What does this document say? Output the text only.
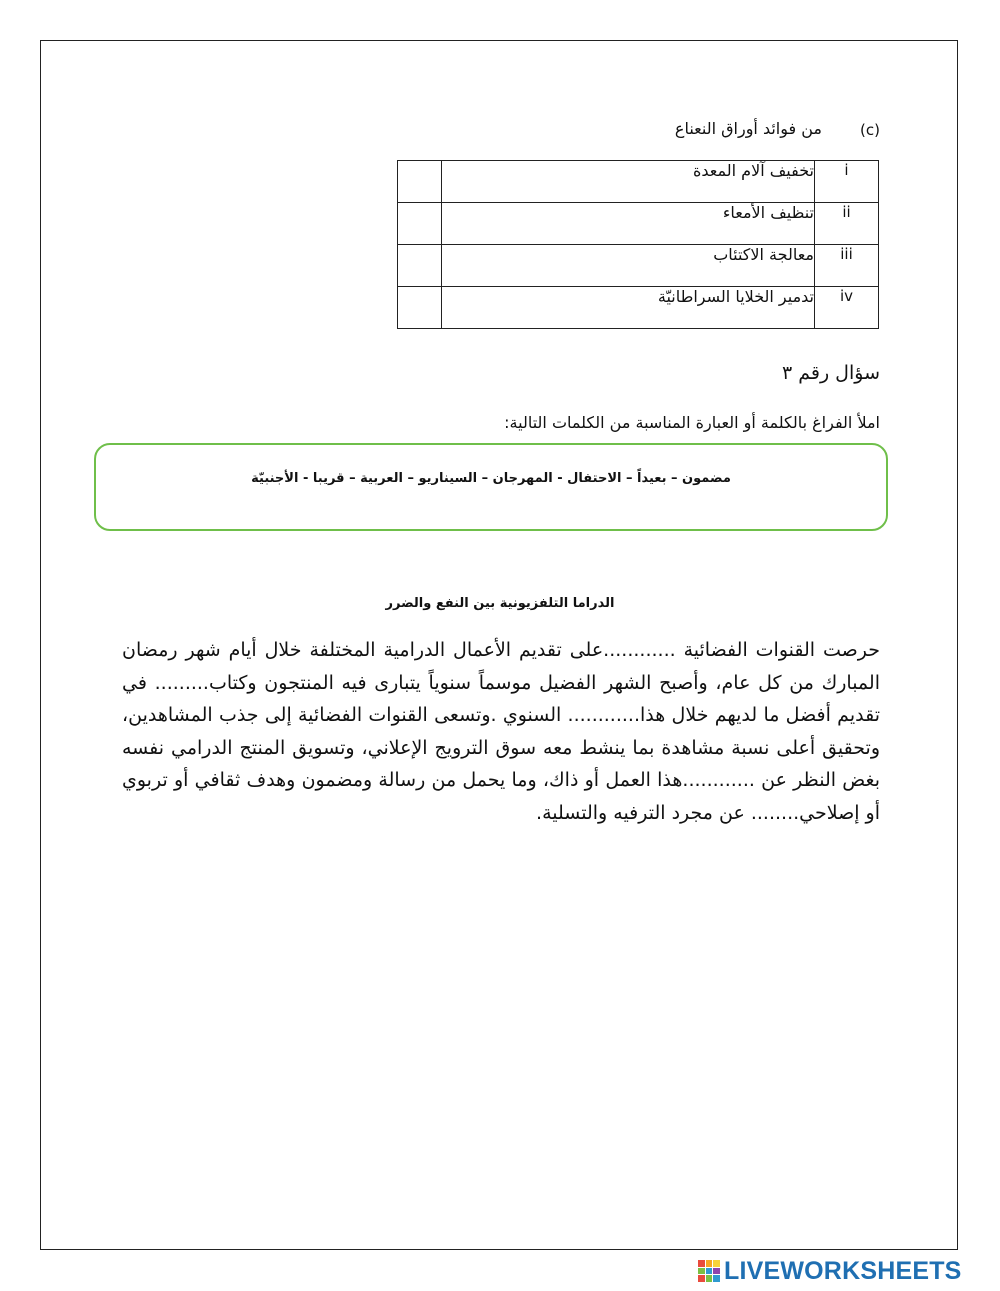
(c)
من فوائد أوراق النعناع
	تخفيف آلام المعدة	i
	تنظيف الأمعاء	ii
	معالجة الاكتئاب	iii
	تدمير الخلايا السراطانيّة	iv
سؤال رقم ٣
املأ الفراغ بالكلمة أو العبارة المناسبة من الكلمات التالية:
مضمون – بعيداً – الاحتفال - المهرجان – السيناريو – العربية – قريبا - الأجنبيّة
الدراما التلفزيونية بين النفع والضرر

حرصت القنوات الفضائية ............على تقديم الأعمال الدرامية المختلفة خلال أيام شهر رمضان المبارك من كل عام، وأصبح الشهر الفضيل موسماً سنوياً يتبارى فيه المنتجون وكتاب......... في تقديم أفضل ما لديهم خلال هذا............ السنوي .وتسعى القنوات الفضائية إلى جذب المشاهدين، وتحقيق أعلى نسبة مشاهدة بما ينشط معه سوق الترويج الإعلاني، وتسويق المنتج الدرامي نفسه بغض النظر عن ............هذا العمل أو ذاك، وما يحمل من رسالة ومضمون وهدف ثقافي أو تربوي أو إصلاحي........ عن مجرد الترفيه والتسلية.

LIVEWORKSHEETS
